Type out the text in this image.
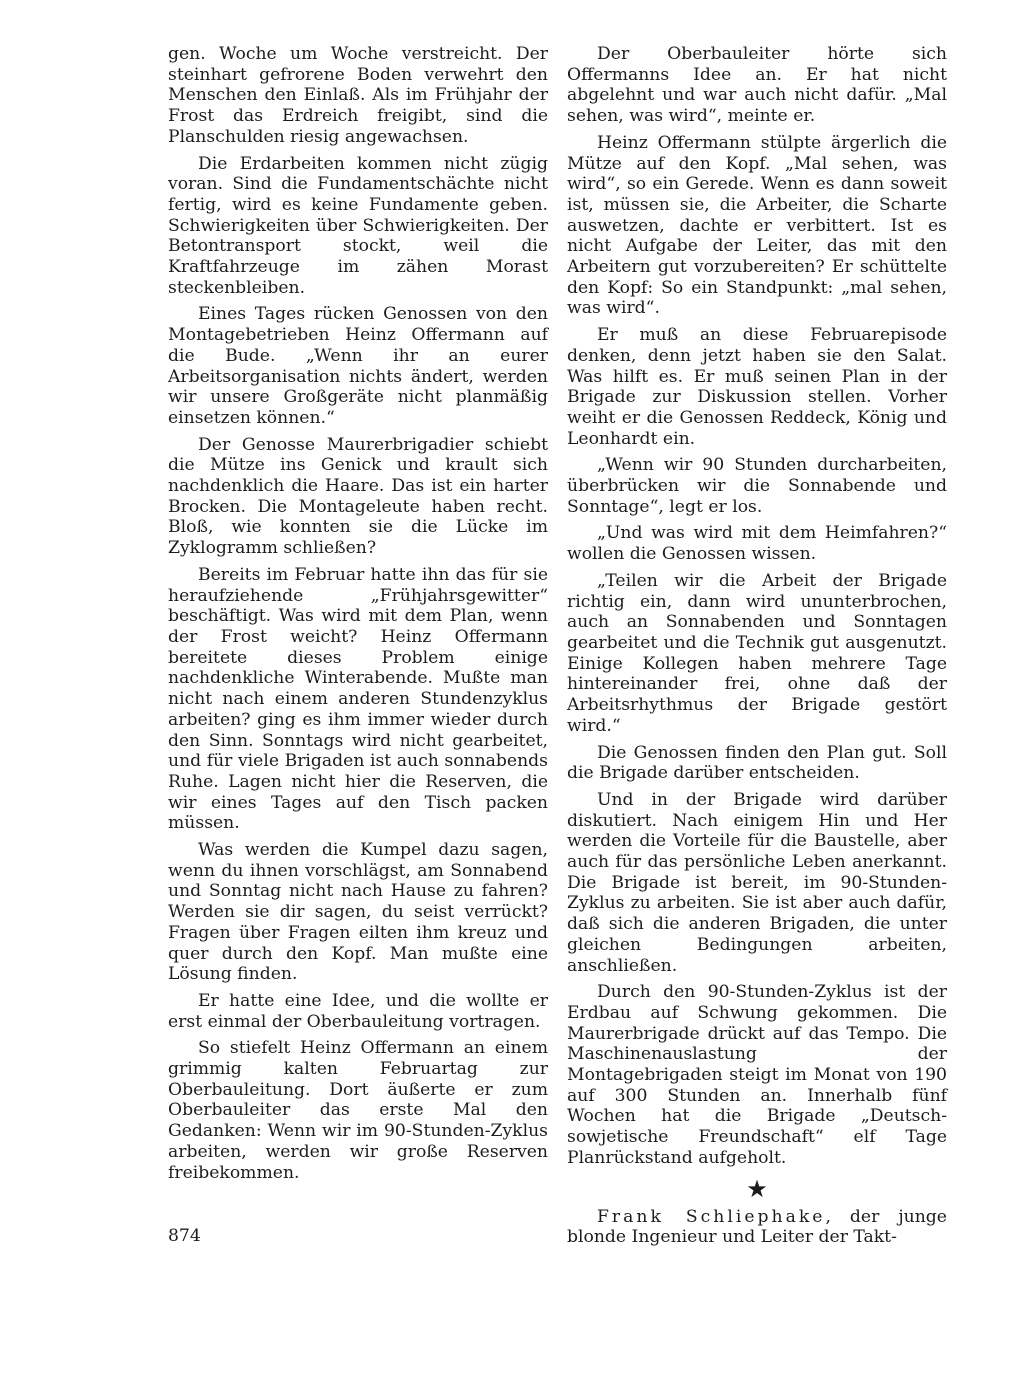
gen. Woche um Woche verstreicht. Der steinhart gefrorene Boden verwehrt den Menschen den Einlaß. Als im Frühjahr der Frost das Erdreich freigibt, sind die Planschulden riesig angewachsen.

Die Erdarbeiten kommen nicht zügig voran. Sind die Fundamentschächte nicht fertig, wird es keine Fundamente geben. Schwierigkeiten über Schwierigkeiten. Der Betontransport stockt, weil die Kraftfahrzeuge im zähen Morast steckenbleiben.

Eines Tages rücken Genossen von den Montagebetrieben Heinz Offermann auf die Bude. „Wenn ihr an eurer Arbeitsorganisation nichts ändert, werden wir unsere Großgeräte nicht planmäßig einsetzen können.“

Der Genosse Maurerbrigadier schiebt die Mütze ins Genick und krault sich nachdenklich die Haare. Das ist ein harter Brocken. Die Montageleute haben recht. Bloß, wie konnten sie die Lücke im Zyklogramm schließen?

Bereits im Februar hatte ihn das für sie heraufziehende „Frühjahrsgewitter“ beschäftigt. Was wird mit dem Plan, wenn der Frost weicht? Heinz Offermann bereitete dieses Problem einige nachdenkliche Winterabende. Mußte man nicht nach einem anderen Stundenzyklus arbeiten? ging es ihm immer wieder durch den Sinn. Sonntags wird nicht gearbeitet, und für viele Brigaden ist auch sonnabends Ruhe. Lagen nicht hier die Reserven, die wir eines Tages auf den Tisch packen müssen.

Was werden die Kumpel dazu sagen, wenn du ihnen vorschlägst, am Sonnabend und Sonntag nicht nach Hause zu fahren? Werden sie dir sagen, du seist verrückt? Fragen über Fragen eilten ihm kreuz und quer durch den Kopf. Man mußte eine Lösung finden.

Er hatte eine Idee, und die wollte er erst einmal der Oberbauleitung vortragen.

So stiefelt Heinz Offermann an einem grimmig kalten Februartag zur Oberbauleitung. Dort äußerte er zum Oberbauleiter das erste Mal den Gedanken: Wenn wir im 90-Stunden-Zyklus arbeiten, werden wir große Reserven freibekommen.

Der Oberbauleiter hörte sich Offermanns Idee an. Er hat nicht abgelehnt und war auch nicht dafür. „Mal sehen, was wird“, meinte er.

Heinz Offermann stülpte ärgerlich die Mütze auf den Kopf. „Mal sehen, was wird“, so ein Gerede. Wenn es dann soweit ist, müssen sie, die Arbeiter, die Scharte auswetzen, dachte er verbittert. Ist es nicht Aufgabe der Leiter, das mit den Arbeitern gut vorzubereiten? Er schüttelte den Kopf: So ein Standpunkt: „mal sehen, was wird“.

Er muß an diese Februarepisode denken, denn jetzt haben sie den Salat. Was hilft es. Er muß seinen Plan in der Brigade zur Diskussion stellen. Vorher weiht er die Genossen Reddeck, König und Leonhardt ein.

„Wenn wir 90 Stunden durcharbeiten, überbrücken wir die Sonnabende und Sonntage“, legt er los.

„Und was wird mit dem Heimfahren?“ wollen die Genossen wissen.

„Teilen wir die Arbeit der Brigade richtig ein, dann wird ununterbrochen, auch an Sonnabenden und Sonntagen gearbeitet und die Technik gut ausgenutzt. Einige Kollegen haben mehrere Tage hintereinander frei, ohne daß der Arbeitsrhythmus der Brigade gestört wird.“

Die Genossen finden den Plan gut. Soll die Brigade darüber entscheiden.

Und in der Brigade wird darüber diskutiert. Nach einigem Hin und Her werden die Vorteile für die Baustelle, aber auch für das persönliche Leben anerkannt. Die Brigade ist bereit, im 90-Stunden-Zyklus zu arbeiten. Sie ist aber auch dafür, daß sich die anderen Brigaden, die unter gleichen Bedingungen arbeiten, anschließen.

Durch den 90-Stunden-Zyklus ist der Erdbau auf Schwung gekommen. Die Maurerbrigade drückt auf das Tempo. Die Maschinenauslastung der Montagebrigaden steigt im Monat von 190 auf 300 Stunden an. Innerhalb fünf Wochen hat die Brigade „Deutsch-sowjetische Freundschaft“ elf Tage Planrückstand aufgeholt.

★

Frank Schliephake, der junge blonde Ingenieur und Leiter der Takt-

874
